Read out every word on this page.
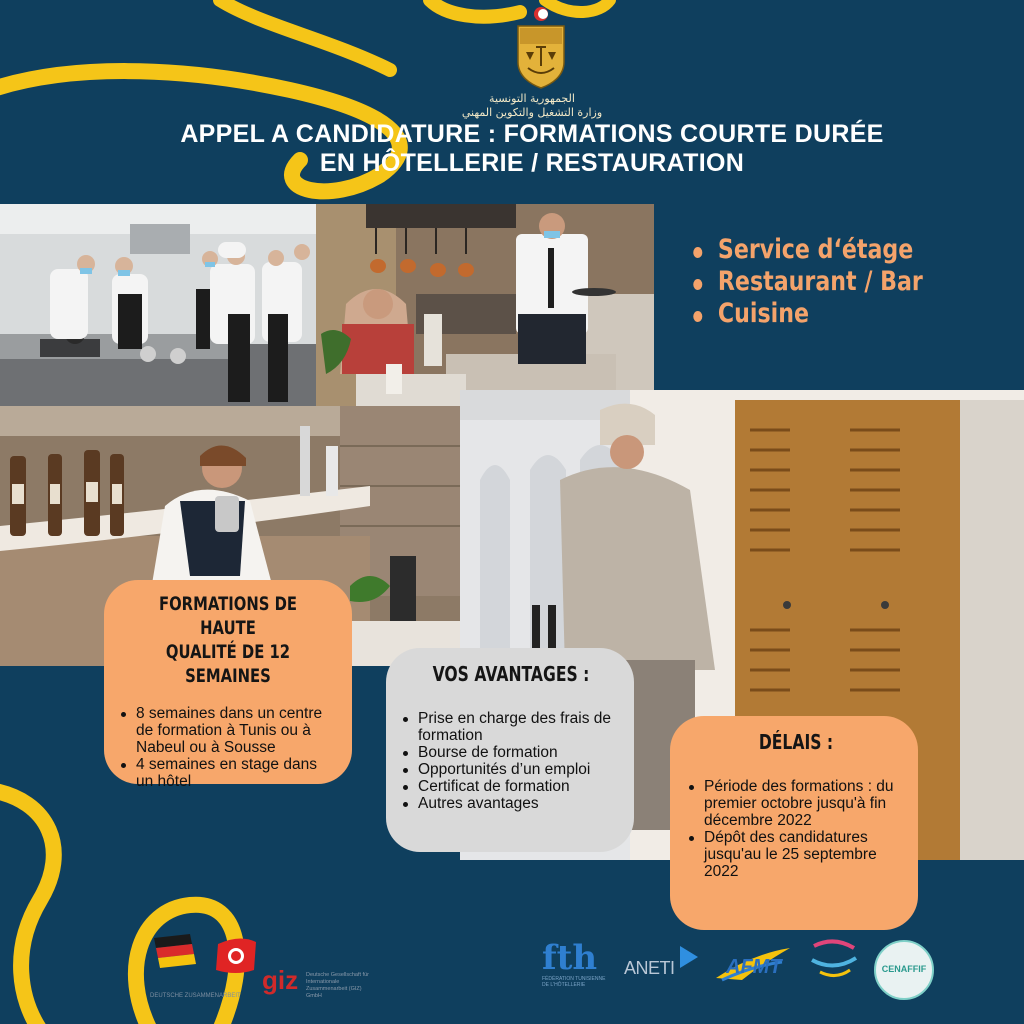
الجمهورية التونسية
وزارة التشغيل والتكوين المهني
APPEL A CANDIDATURE : FORMATIONS COURTE DURÉE
EN HÔTELLERIE / RESTAURATION
Service d‘étage
Restaurant / Bar
Cuisine
FORMATIONS DE HAUTE
QUALITÉ DE 12 SEMAINES
8 semaines dans un centre de formation à Tunis ou à Nabeul ou à Sousse
4 semaines en stage dans un hôtel
VOS AVANTAGES :
Prise en charge des frais de formation
Bourse de formation
Opportunités d’un emploi
Certificat de formation
Autres avantages
DÉLAIS :
Période des formations : du premier octobre jusqu'à fin décembre 2022
Dépôt des candidatures jusqu'au le 25 septembre 2022
DEUTSCHE ZUSAMMENARBEIT
giz Deutsche Gesellschaft für Internationale Zusammenarbeit (GIZ) GmbH
fth
FÉDÉRATION TUNISIENNE DE L'HÔTELLERIE
ANETI	AFMT	CENAFFIF
